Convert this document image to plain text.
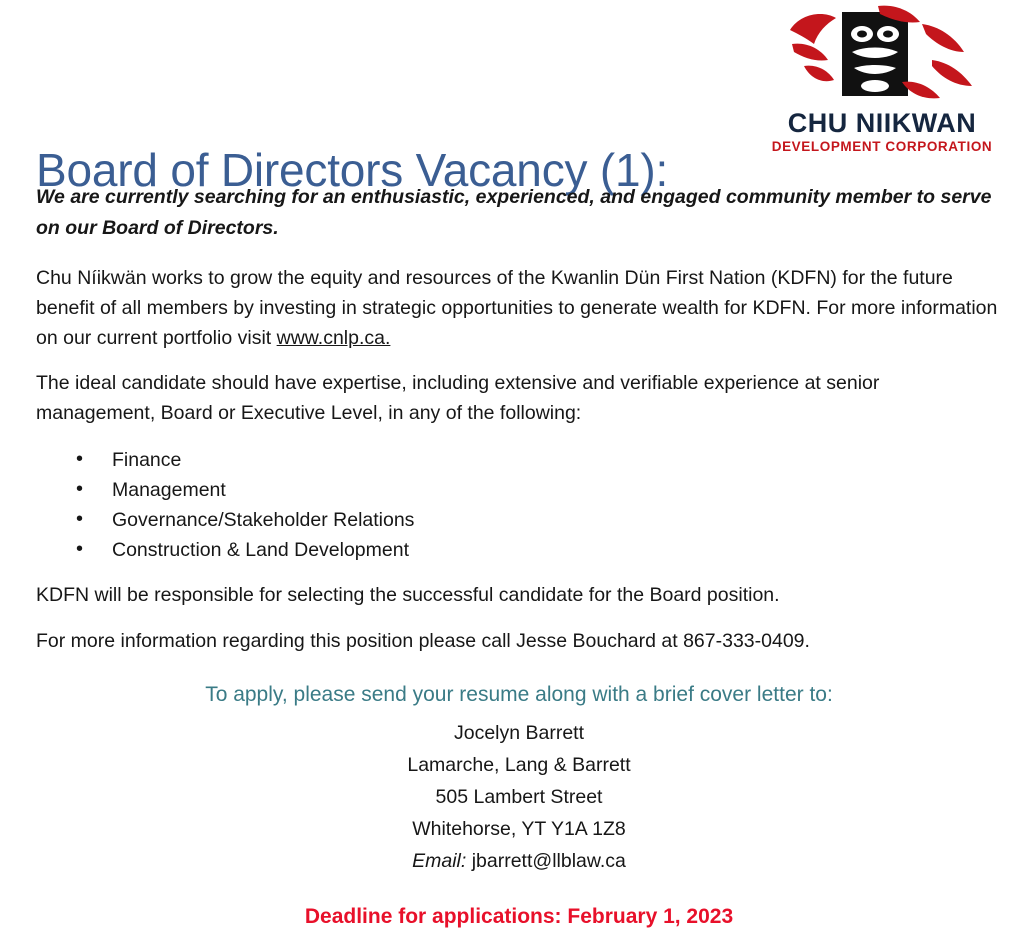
CHU NIIKWAN
DEVELOPMENT CORPORATION
Board of Directors Vacancy (1):

We are currently searching for an enthusiastic, experienced, and engaged community member to serve on our Board of Directors.

Chu Níikwän works to grow the equity and resources of the Kwanlin Dün First Nation (KDFN) for the future benefit of all members by investing in strategic opportunities to generate wealth for KDFN. For more information on our current portfolio visit www.cnlp.ca.

The ideal candidate should have expertise, including extensive and verifiable experience at senior management, Board or Executive Level, in any of the following:

• Finance
• Management
• Governance/Stakeholder Relations
• Construction & Land Development

KDFN will be responsible for selecting the successful candidate for the Board position.

For more information regarding this position please call Jesse Bouchard at 867-333-0409.

To apply, please send your resume along with a brief cover letter to:
Jocelyn Barrett
Lamarche, Lang & Barrett
505 Lambert Street
Whitehorse, YT Y1A 1Z8
Email: jbarrett@llblaw.ca
Deadline for applications: February 1, 2023
